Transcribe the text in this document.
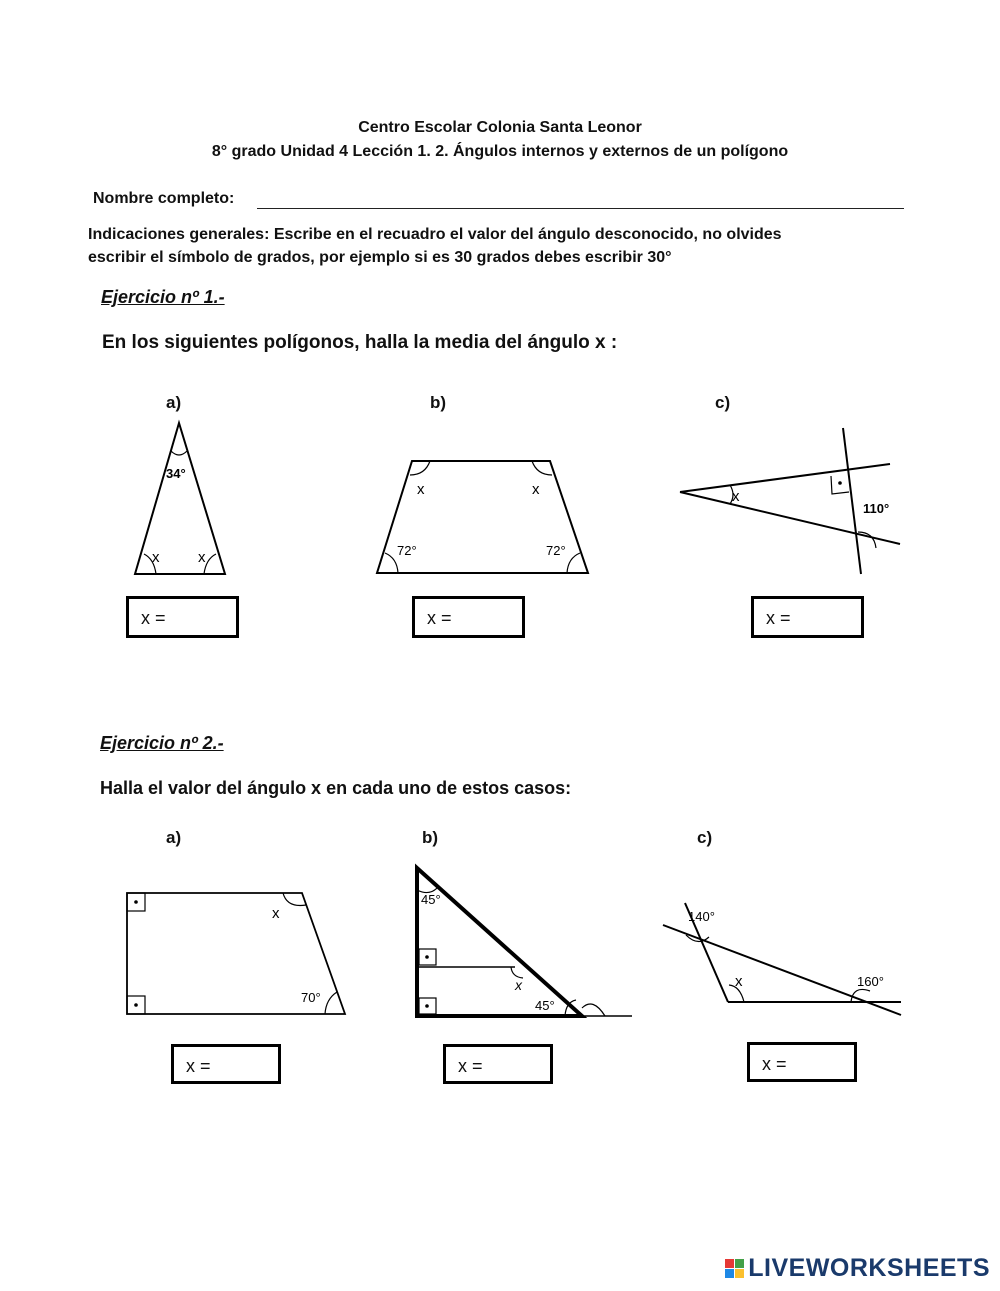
Centro Escolar Colonia Santa Leonor
8° grado Unidad 4 Lección 1. 2. Ángulos internos y externos de un polígono
Nombre completo:
Indicaciones generales: Escribe en el recuadro el valor del ángulo desconocido, no olvides
escribir el símbolo de grados, por ejemplo si es 30 grados debes escribir 30°
Ejercicio nº 1.-
En los siguientes polígonos, halla la media del ángulo x :
a)	b)	c)
34°
x	x
x	x
72°	72°
x
110°
x =	x =	x =
Ejercicio nº 2.-
Halla el valor del ángulo x en cada uno de estos casos:
a)	b)	c)
x
70°
45°
x
45°
140°
x	160°
x =	x =	x =
LIVEWORKSHEETS
